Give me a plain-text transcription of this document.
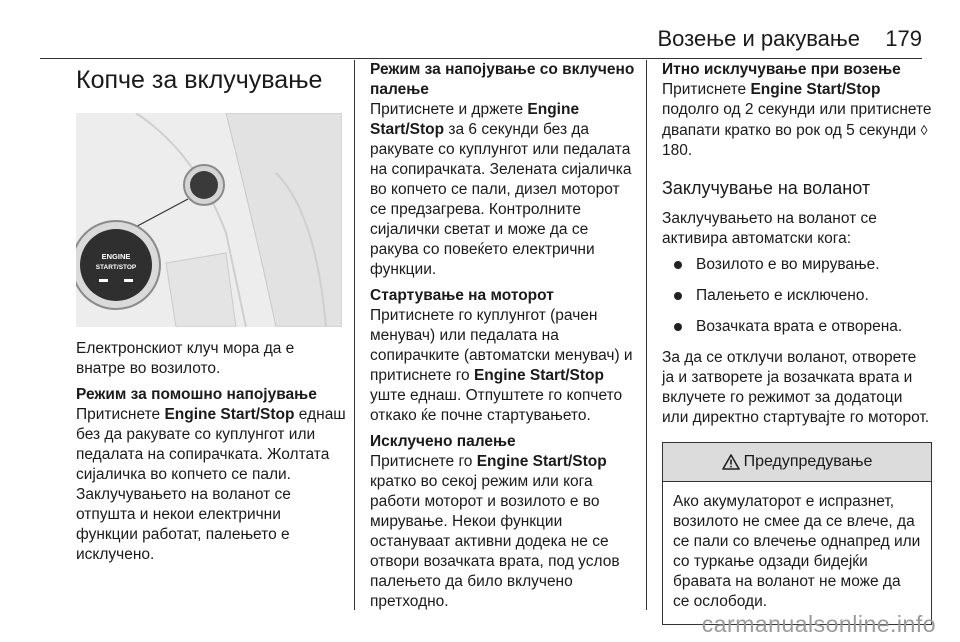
Возење и ракување 179
Копче за вклучување
ENGINE
START/STOP
Електронскиот клуч мора да е внатре во возилото.
Режим за помошно напојување
Притиснете Engine Start/Stop еднаш без да ракувате со куплунгот или педалата на сопирачката. Жолтата сијаличка во копчето се пали. Заклучувањето на воланот се отпушта и некои електрични функции работат, палењето е исклучено.
Режим за напојување со вклучено палење
Притиснете и држете Engine Start/Stop за 6 секунди без да ракувате со куплунгот или педалата на сопирачката. Зелената сијаличка во копчето се пали, дизел моторот се предзагрева. Контролните сијалички светат и може да се ракува со повеќето електрични функции.
Стартување на моторот
Притиснете го куплунгот (рачен менувач) или педалата на сопирачките (автоматски менувач) и притиснете го Engine Start/Stop уште еднаш. Отпуштете го копчето откако ќе почне стартувањето.
Исклучено палење
Притиснете го Engine Start/Stop кратко во секој режим или кога работи моторот и возилото е во мирување. Некои функции остануваат активни додека не се отвори возачката врата, под услов палењето да било вклучено претходно.
Итно исклучување при возење
Притиснете Engine Start/Stop подолго од 2 секунди или притиснете двапати кратко во рок од 5 секунди ◊ 180.
Заклучување на воланот
Заклучувањето на воланот се активира автоматски кога:
Возилото е во мирување.
Палењето е исключено.
Возачката врата е отворена.
За да се отклучи воланот, отворете ја и затворете ја возачката врата и вклучете го режимот за додатоци или директно стартувајте го моторот.
Предупредување
Ако акумулаторот е испразнет, возилото не смее да се влече, да се пали со влечење однапред или со туркање одзади бидејќи бравата на воланот не може да се ослободи.
carmanualsonline.info
